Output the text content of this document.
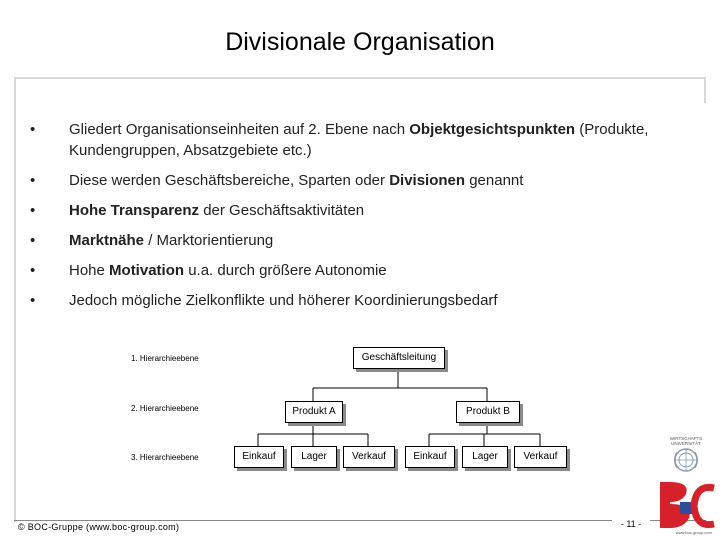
Divisionale Organisation
• Gliedert Organisationseinheiten auf 2. Ebene nach Objektgesichtspunkten (Produkte, Kundengruppen, Absatzgebiete etc.)
• Diese werden Geschäftsbereiche, Sparten oder Divisionen genannt
• Hohe Transparenz der Geschäftsaktivitäten
• Marktnähe / Marktorientierung
• Hohe Motivation u.a. durch größere Autonomie
• Jedoch mögliche Zielkonflikte und höherer Koordinierungsbedarf
1. Hierarchieebene
2. Hierarchieebene
3. Hierarchieebene
Geschäftsleitung
Produkt A	Produkt B
Einkauf	Lager	Verkauf	Einkauf	Lager	Verkauf
© BOC-Gruppe (www.boc-group.com)	- 11 -
WIRTSCHAFTS
UNIVERSITÄT
www.boc-group.com
